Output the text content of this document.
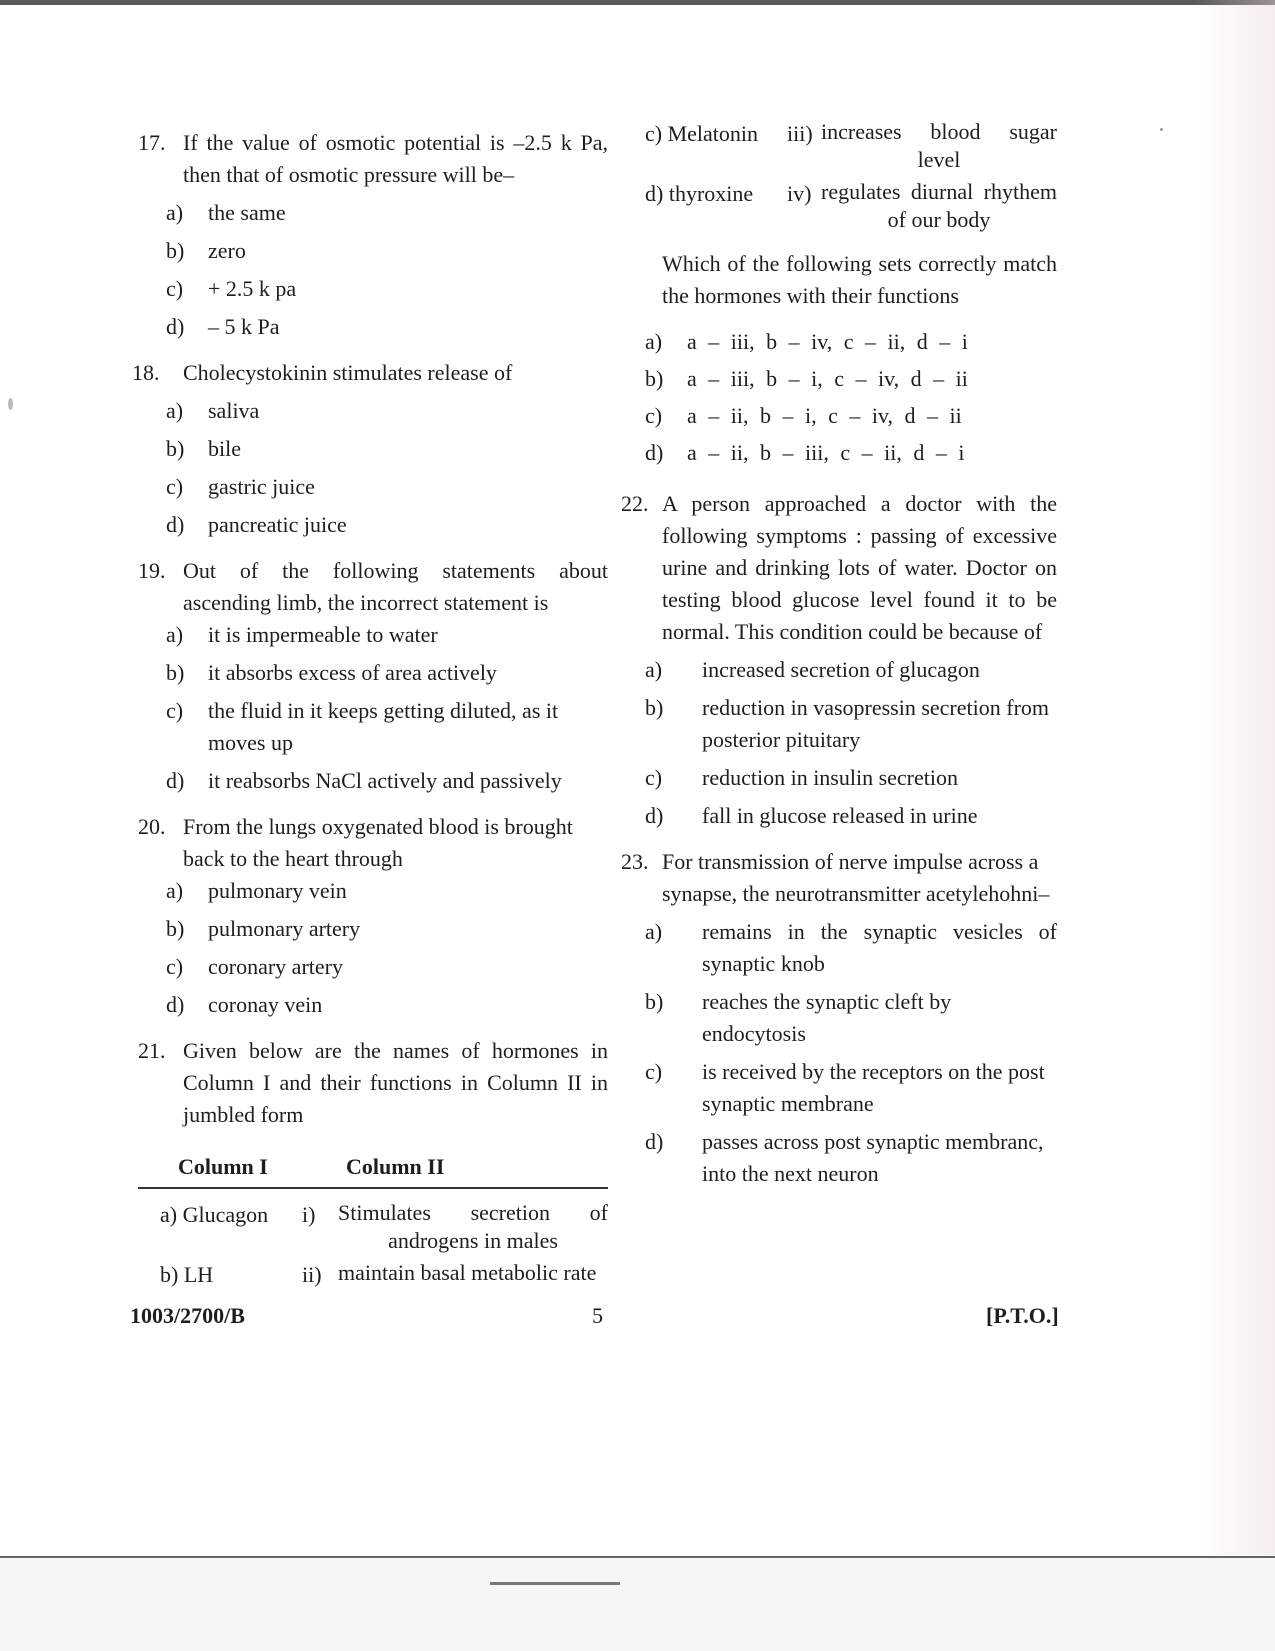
17. If the value of osmotic potential is –2.5 k Pa, then that of osmotic pressure will be–
a)	the same
b)	zero
c)	+ 2.5 k pa
d)	– 5 k Pa
18. Cholecystokinin stimulates release of
a)	saliva
b)	bile
c)	gastric juice
d)	pancreatic juice
19. Out of the following statements about ascending limb, the incorrect statement is
a)	it is impermeable to water
b)	it absorbs excess of area actively
c)	the fluid in it keeps getting diluted, as it moves up
d)	it reabsorbs NaCl actively and passively
20. From the lungs oxygenated blood is brought back to the heart through
a)	pulmonary vein
b)	pulmonary artery
c)	coronary artery
d)	coronay vein
21. Given below are the names of hormones in Column I and their functions in Column II in jumbled form
Column I	Column II
a) Glucagon i) Stimulates secretion of androgens in males
b) LH	ii) maintain basal metabolic rate
c) Melatonin iii) increases blood sugar level
d) thyroxine iv) regulates diurnal rhythem of our body
Which of the following sets correctly match the hormones with their functions
a) a – iii, b – iv, c – ii, d – i
b) a – iii, b – i, c – iv, d – ii
c) a – ii, b – i, c – iv, d – ii
d) a – ii, b – iii, c – ii, d – i
22. A person approached a doctor with the following symptoms : passing of excessive urine and drinking lots of water. Doctor on testing blood glucose level found it to be normal. This condition could be because of
a)	increased secretion of glucagon
b)	reduction in vasopressin secretion from posterior pituitary
c)	reduction in insulin secretion
d)	fall in glucose released in urine
23. For transmission of nerve impulse across a synapse, the neurotransmitter acetylehohni–
a)	remains in the synaptic vesicles of synaptic knob
b)	reaches the synaptic cleft by endocytosis
c)	is received by the receptors on the post synaptic membrane
d)	passes across post synaptic membranc, into the next neuron
1003/2700/B	5	[P.T.O.]
